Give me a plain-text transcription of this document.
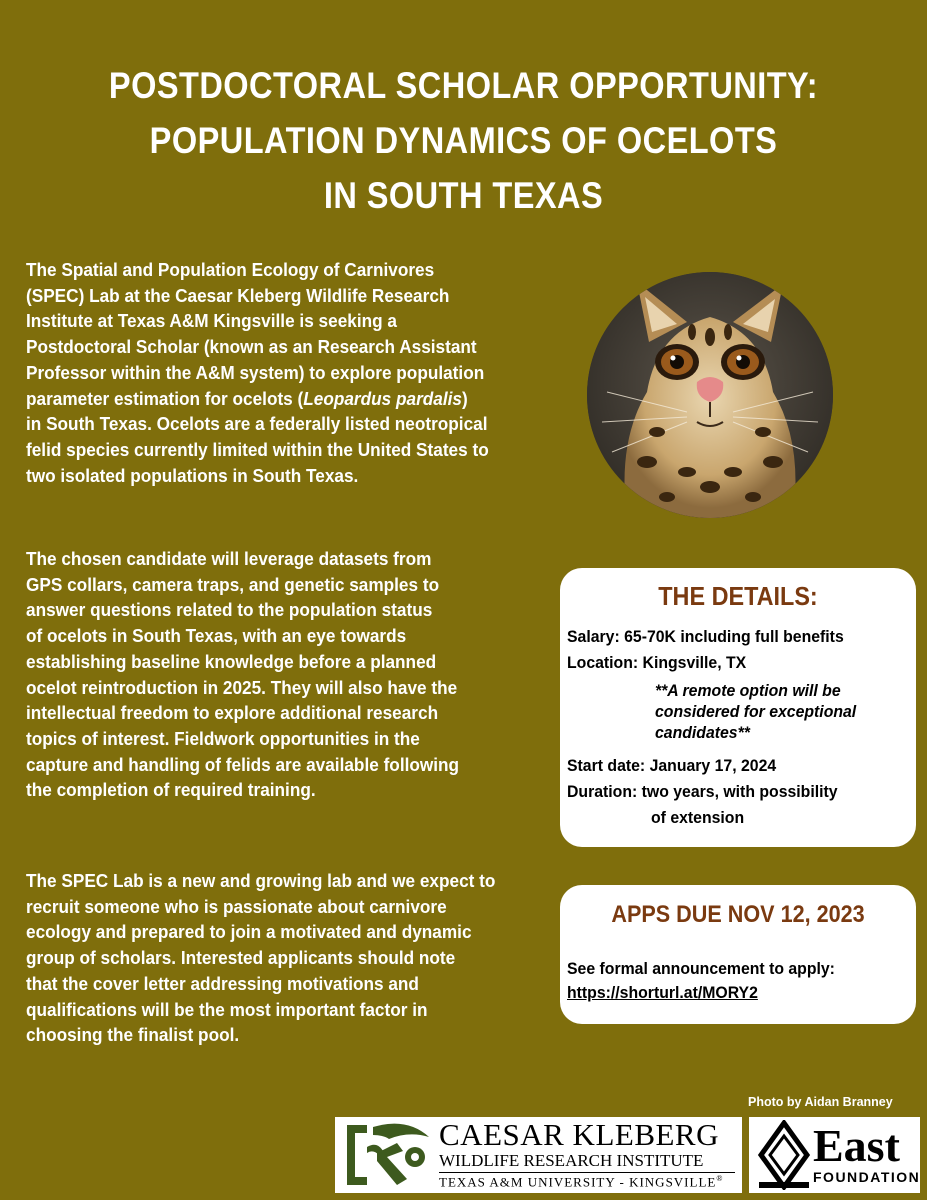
POSTDOCTORAL SCHOLAR OPPORTUNITY:
POPULATION DYNAMICS OF OCELOTS
IN SOUTH TEXAS
The Spatial and Population Ecology of Carnivores
(SPEC) Lab at the Caesar Kleberg Wildlife Research
Institute at Texas A&M Kingsville is seeking a
Postdoctoral Scholar (known as an Research Assistant
Professor within the A&M system) to explore population
parameter estimation for ocelots (Leopardus pardalis)
in South Texas. Ocelots are a federally listed neotropical
felid species currently limited within the United States to
two isolated populations in South Texas.
The chosen candidate will leverage datasets from
GPS collars, camera traps, and genetic samples to
answer questions related to the population status
of ocelots in South Texas, with an eye towards
establishing baseline knowledge before a planned
ocelot reintroduction in 2025. They will also have the
intellectual freedom to explore additional research
topics of interest. Fieldwork opportunities in the
capture and handling of felids are available following
the completion of required training.
The SPEC Lab is a new and growing lab and we expect to
recruit someone who is passionate about carnivore
ecology and prepared to join a motivated and dynamic
group of scholars. Interested applicants should note
that the cover letter addressing motivations and
qualifications will be the most important factor in
choosing the finalist pool.
THE DETAILS:
Salary: 65-70K including full benefits
Location: Kingsville, TX
**A remote option will be
considered for exceptional
candidates**
Start date: January 17, 2024
Duration: two years, with possibility
of extension
APPS DUE NOV 12, 2023
See formal announcement to apply:
https://shorturl.at/MORY2
Photo by Aidan Branney
CAESAR KLEBERG
WILDLIFE RESEARCH INSTITUTE
TEXAS A&M UNIVERSITY - KINGSVILLE®
East
FOUNDATION
